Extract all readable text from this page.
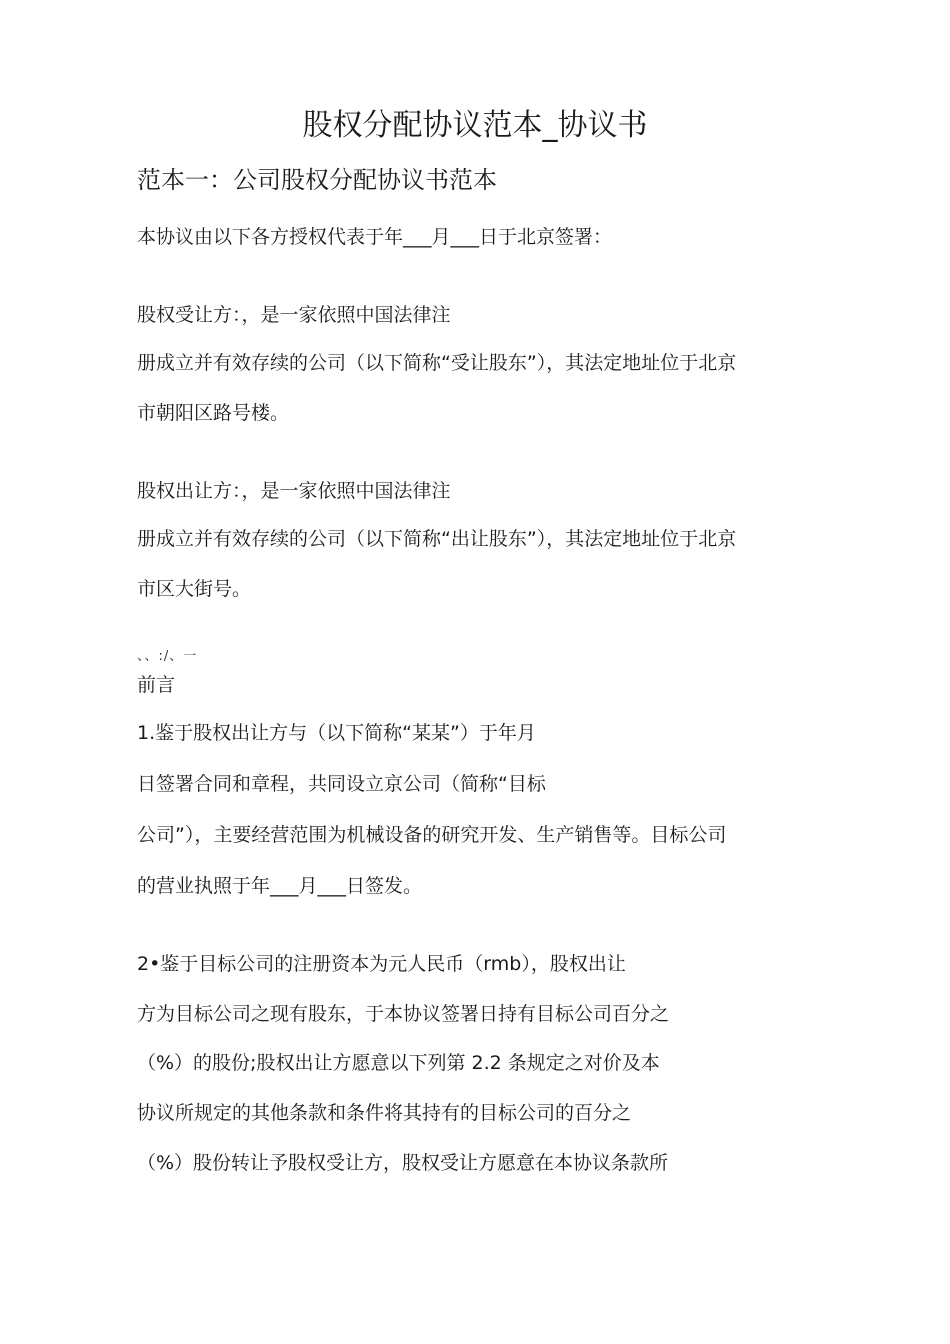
股权分配协议范本_协议书
范本一：公司股权分配协议书范本
本协议由以下各方授权代表于年___月___日于北京签署：
股权受让方：，是一家依照中国法律注
册成立并有效存续的公司（以下简称“受让股东”），其法定地址位于北京
市朝阳区路号楼。
股权出让方：，是一家依照中国法律注
册成立并有效存续的公司（以下简称“出让股东”），其法定地址位于北京
市区大街号。
、、:/、一
前言
1.鉴于股权出让方与（以下简称“某某”）于年月
日签署合同和章程，共同设立京公司（简称“目标
公司”），主要经营范围为机械设备的研究开发、生产销售等。目标公司
的营业执照于年___月___日签发。
2•鉴于目标公司的注册资本为元人民币（rmb），股权出让
方为目标公司之现有股东，于本协议签署日持有目标公司百分之
（%）的股份;股权出让方愿意以下列第 2.2 条规定之对价及本
协议所规定的其他条款和条件将其持有的目标公司的百分之
（%）股份转让予股权受让方，股权受让方愿意在本协议条款所
